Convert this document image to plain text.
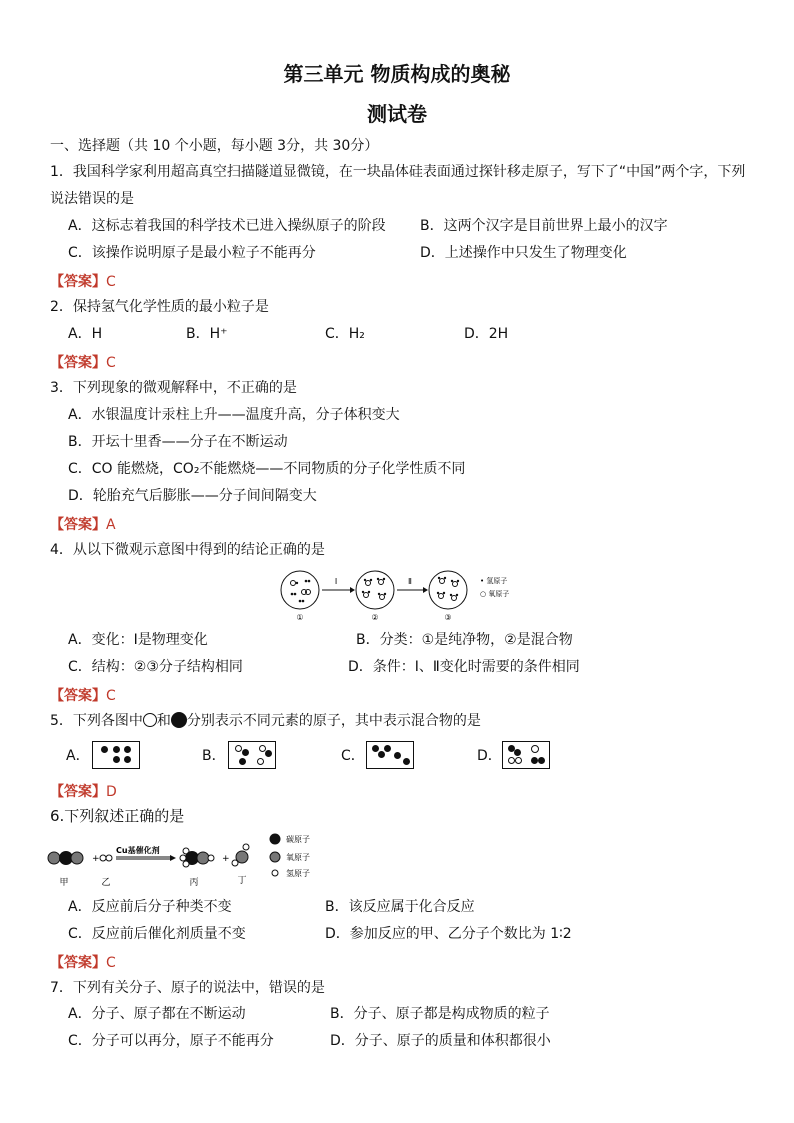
第三单元 物质构成的奥秘
测试卷
一、选择题（共 10 个小题，每小题 3分，共 30分）
1．我国科学家利用超高真空扫描隧道显微镜，在一块晶体硅表面通过探针移走原子，写下了“中国”两个字，下列
说法错误的是
A．这标志着我国的科学技术已进入操纵原子的阶段 B．这两个汉字是目前世界上最小的汉字
C．该操作说明原子是最小粒子不能再分	D．上述操作中只发生了物理变化
【答案】C
2．保持氢气化学性质的最小粒子是
A．H	B．H⁺	C．H₂	D．2H
【答案】C
3．下列现象的微观解释中，不正确的是
A．水银温度计汞柱上升——温度升高，分子体积变大
B．开坛十里香——分子在不断运动
C．CO 能燃烧，CO₂不能燃烧——不同物质的分子化学性质不同
D．轮胎充气后膨胀——分子间间隔变大
【答案】A
4．从以下微观示意图中得到的结论正确的是
Ⅰ	Ⅱ
①	②	③
• 氢原子
○ 氧原子
A．变化：Ⅰ是物理变化	B．分类：①是纯净物，②是混合物
C．结构：②③分子结构相同	D．条件：Ⅰ、Ⅱ变化时需要的条件相同
【答案】C
5．下列各图中 和 分别表示不同元素的原子，其中表示混合物的是
A．	B．	C．	D．
【答案】D
6.下列叙述正确的是
+
Cu基催化剂
+
甲	乙	丙	丁
碳原子
氧原子
氢原子
A．反应前后分子种类不变	B．该反应属于化合反应
C．反应前后催化剂质量不变	D．参加反应的甲、乙分子个数比为 1∶2
【答案】C
7．下列有关分子、原子的说法中，错误的是
A．分子、原子都在不断运动	B．分子、原子都是构成物质的粒子
C．分子可以再分，原子不能再分	D．分子、原子的质量和体积都很小
